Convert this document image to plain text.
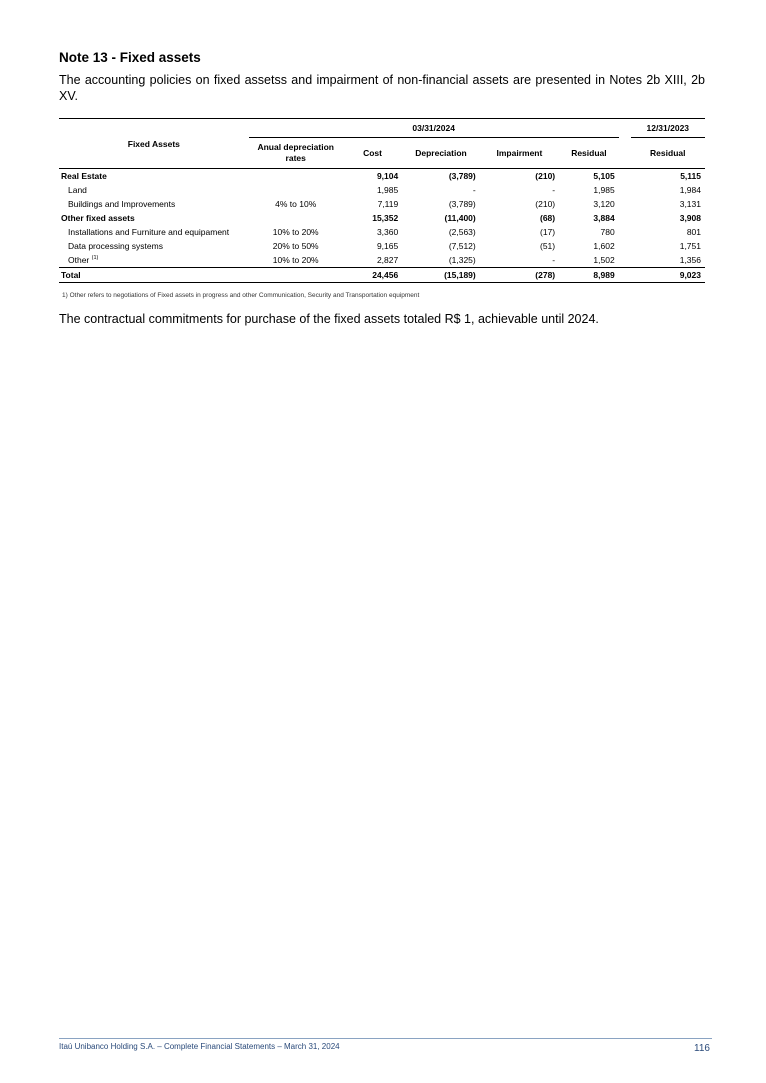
Note 13 - Fixed assets
The accounting policies on fixed assetss and impairment of non-financial assets are presented in Notes 2b XIII, 2b XV.
Fixed Assets	03/31/2024						12/31/2023
	Anual depreciation rates	Cost	Depreciation	Impairment	Residual		Residual

Real Estate		9,104	(3,789)	(210)	5,105		5,115
Land		1,985	-	-	1,985		1,984
Buildings and Improvements	4% to 10%	7,119	(3,789)	(210)	3,120		3,131
Other fixed assets		15,352	(11,400)	(68)	3,884		3,908
Installations and Furniture and equipament	10% to 20%	3,360	(2,563)	(17)	780		801
Data processing systems	20% to 50%	9,165	(7,512)	(51)	1,602		1,751
Other $^{(1)}$	10% to 20%	2,827	(1,325)	-	1,502		1,356
Total		24,456	(15,189)	(278)	8,989		9,023
1) Other refers to negotiations of Fixed assets in progress and other Communication, Security and Transportation equipment
The contractual commitments for purchase of the fixed assets totaled R$ 1, achievable until 2024.
Itaú Unibanco Holding S.A. – Complete Financial Statements – March 31, 2024	116
